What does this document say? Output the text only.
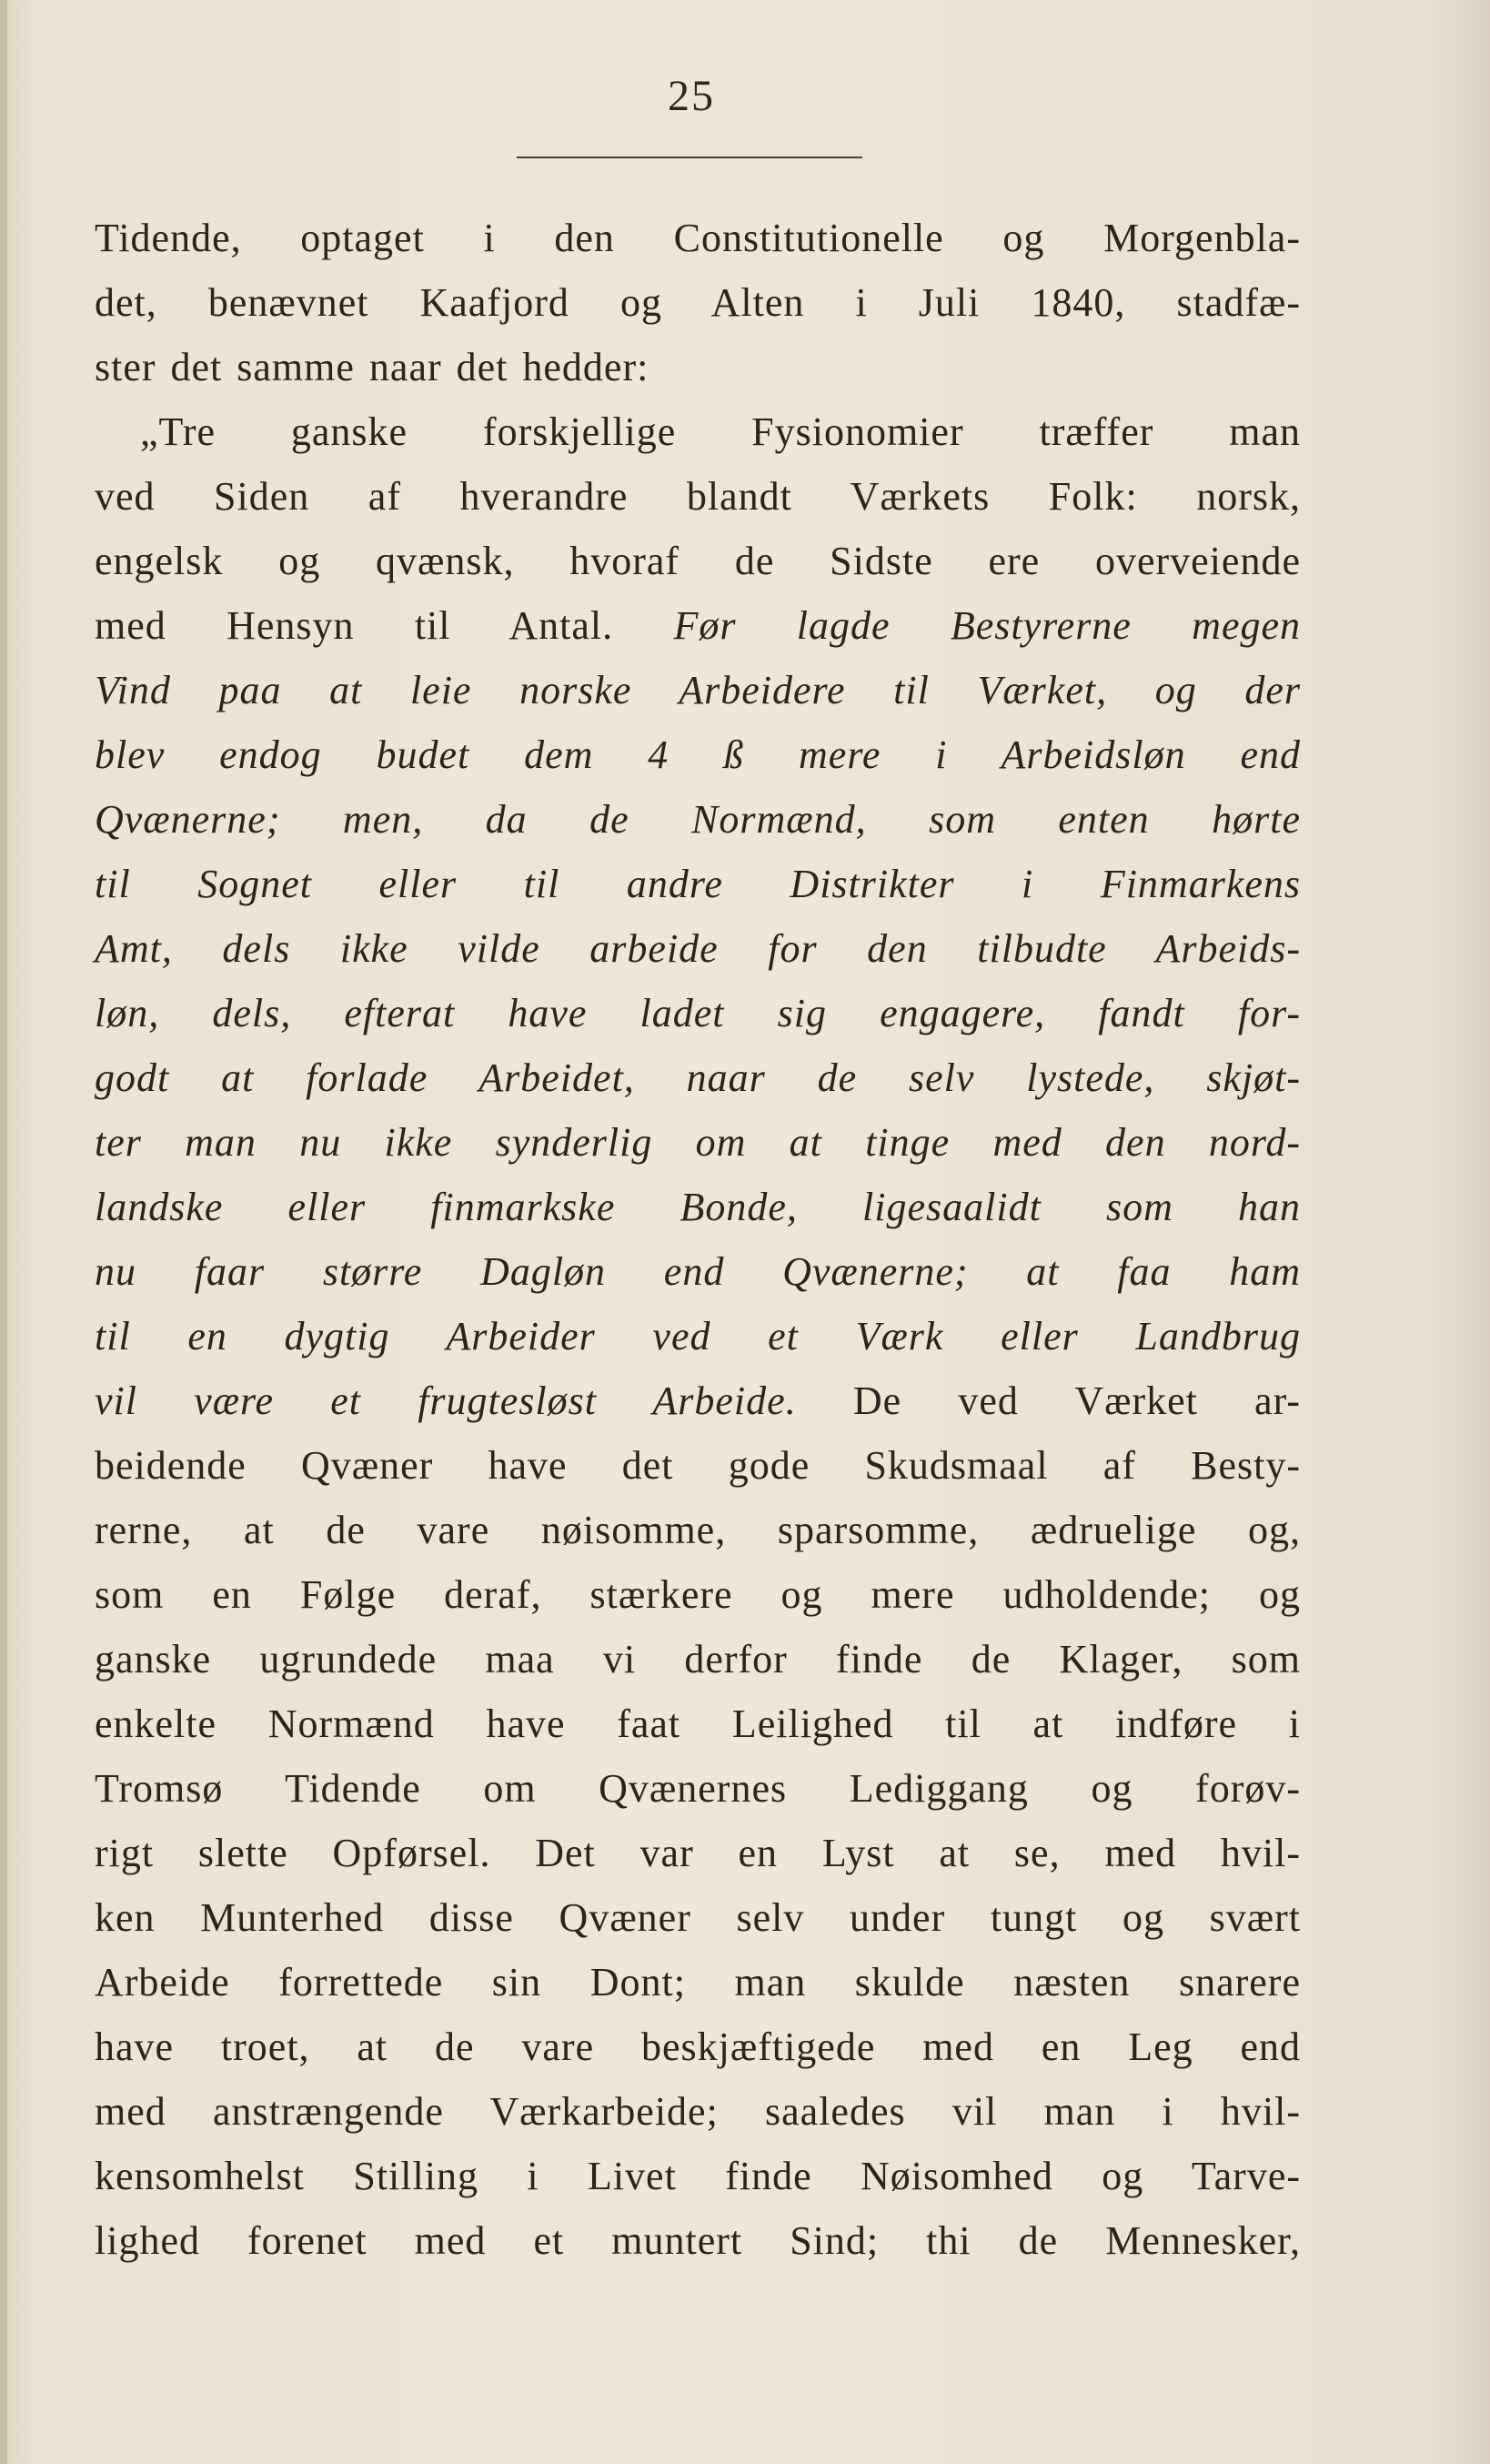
25
Tidende, optaget i den Constitutionelle og Morgenbla-
det, benævnet Kaafjord og Alten i Juli 1840, stadfæ-
ster det samme naar det hedder:
„Tre ganske forskjellige Fysionomier træffer man
ved Siden af hverandre blandt Værkets Folk: norsk,
engelsk og qvænsk, hvoraf de Sidste ere overveiende
med Hensyn til Antal. Før lagde Bestyrerne megen
Vind paa at leie norske Arbeidere til Værket, og der
blev endog budet dem 4 ß mere i Arbeidsløn end
Qvænerne; men, da de Normænd, som enten hørte
til Sognet eller til andre Distrikter i Finmarkens
Amt, dels ikke vilde arbeide for den tilbudte Arbeids-
løn, dels, efterat have ladet sig engagere, fandt for-
godt at forlade Arbeidet, naar de selv lystede, skjøt-
ter man nu ikke synderlig om at tinge med den nord-
landske eller finmarkske Bonde, ligesaalidt som han
nu faar større Dagløn end Qvænerne; at faa ham
til en dygtig Arbeider ved et Værk eller Landbrug
vil være et frugtesløst Arbeide. De ved Værket ar-
beidende Qvæner have det gode Skudsmaal af Besty-
rerne, at de vare nøisomme, sparsomme, ædruelige og,
som en Følge deraf, stærkere og mere udholdende; og
ganske ugrundede maa vi derfor finde de Klager, som
enkelte Normænd have faat Leilighed til at indføre i
Tromsø Tidende om Qvænernes Lediggang og forøv-
rigt slette Opførsel. Det var en Lyst at se, med hvil-
ken Munterhed disse Qvæner selv under tungt og svært
Arbeide forrettede sin Dont; man skulde næsten snarere
have troet, at de vare beskjæftigede med en Leg end
med anstrængende Værkarbeide; saaledes vil man i hvil-
kensomhelst Stilling i Livet finde Nøisomhed og Tarve-
lighed forenet med et muntert Sind; thi de Mennesker,
